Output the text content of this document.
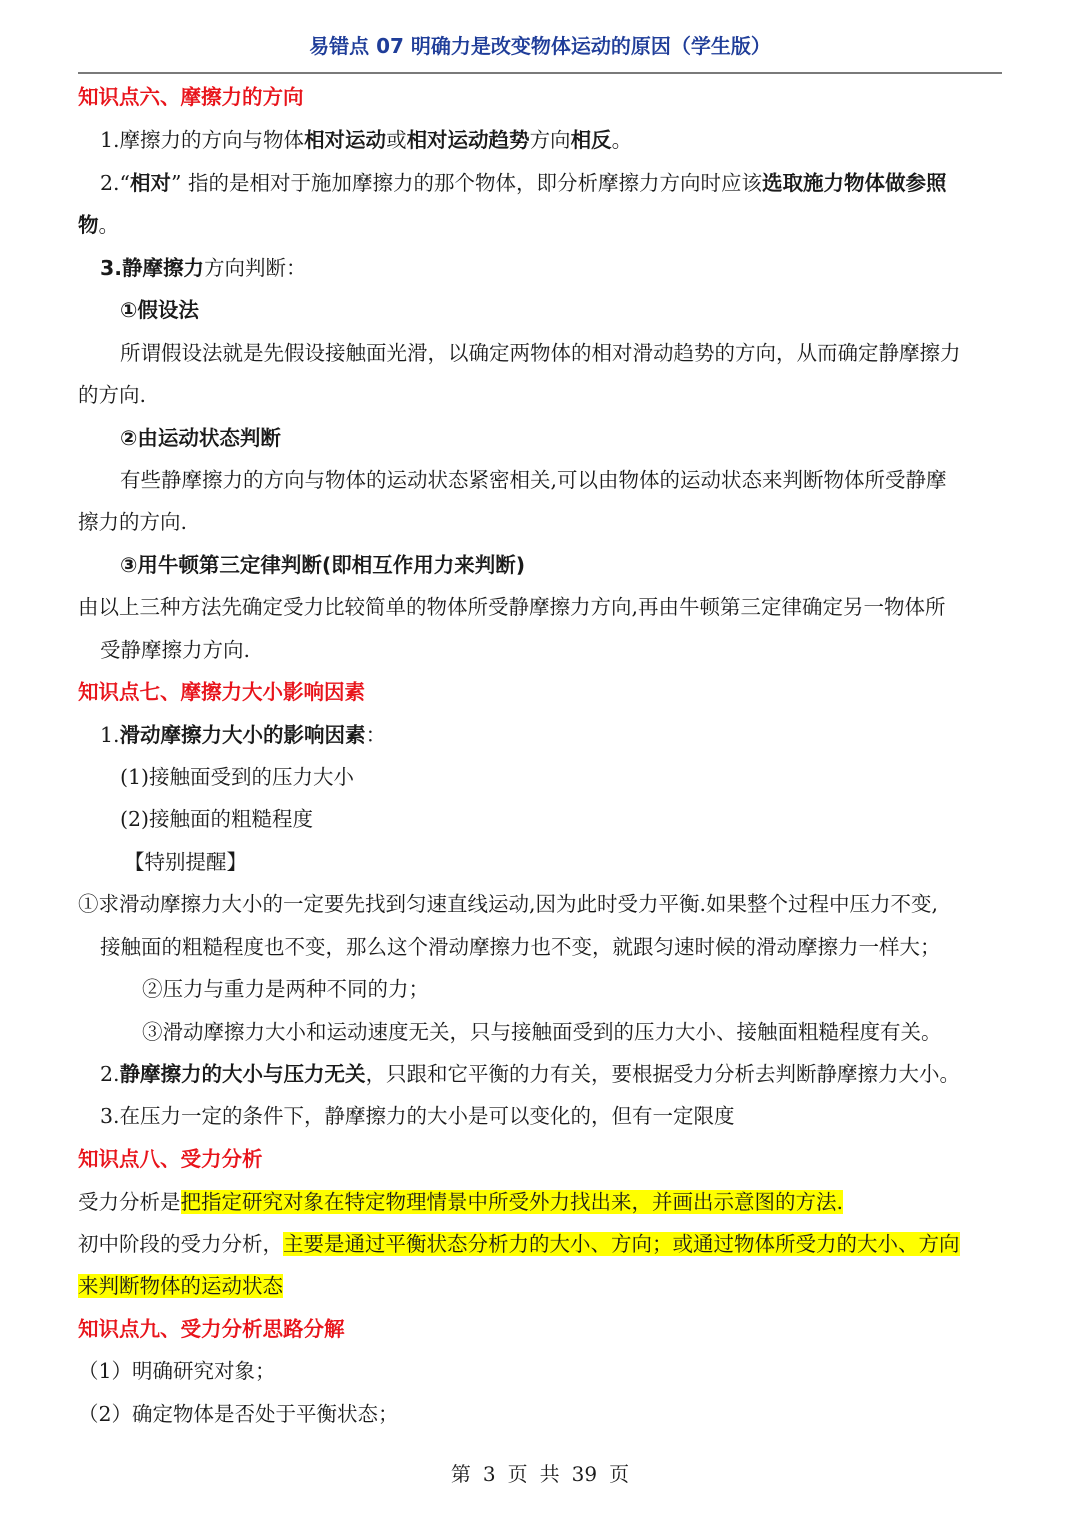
易错点 07 明确力是改变物体运动的原因（学生版）
知识点六、摩擦力的方向
1.摩擦力的方向与物体相对运动或相对运动趋势方向相反。
2.“相对” 指的是相对于施加摩擦力的那个物体，即分析摩擦力方向时应该选取施力物体做参照
物。
3.静摩擦力方向判断：
①假设法
所谓假设法就是先假设接触面光滑，以确定两物体的相对滑动趋势的方向，从而确定静摩擦力
的方向.
②由运动状态判断
有些静摩擦力的方向与物体的运动状态紧密相关,可以由物体的运动状态来判断物体所受静摩
擦力的方向.
③用牛顿第三定律判断(即相互作用力来判断)
由以上三种方法先确定受力比较简单的物体所受静摩擦力方向,再由牛顿第三定律确定另一物体所
受静摩擦力方向.
知识点七、摩擦力大小影响因素
1.滑动摩擦力大小的影响因素：
(1)接触面受到的压力大小
(2)接触面的粗糙程度
【特别提醒】
①求滑动摩擦力大小的一定要先找到匀速直线运动,因为此时受力平衡.如果整个过程中压力不变,
接触面的粗糙程度也不变，那么这个滑动摩擦力也不变，就跟匀速时候的滑动摩擦力一样大；
②压力与重力是两种不同的力；
③滑动摩擦力大小和运动速度无关，只与接触面受到的压力大小、接触面粗糙程度有关。
2.静摩擦力的大小与压力无关，只跟和它平衡的力有关，要根据受力分析去判断静摩擦力大小。
3.在压力一定的条件下，静摩擦力的大小是可以变化的，但有一定限度
知识点八、受力分析
受力分析是把指定研究对象在特定物理情景中所受外力找出来，并画出示意图的方法.
初中阶段的受力分析，主要是通过平衡状态分析力的大小、方向；或通过物体所受力的大小、方向
来判断物体的运动状态
知识点九、受力分析思路分解
（1）明确研究对象；
（2）确定物体是否处于平衡状态；
第 3 页 共 39 页
